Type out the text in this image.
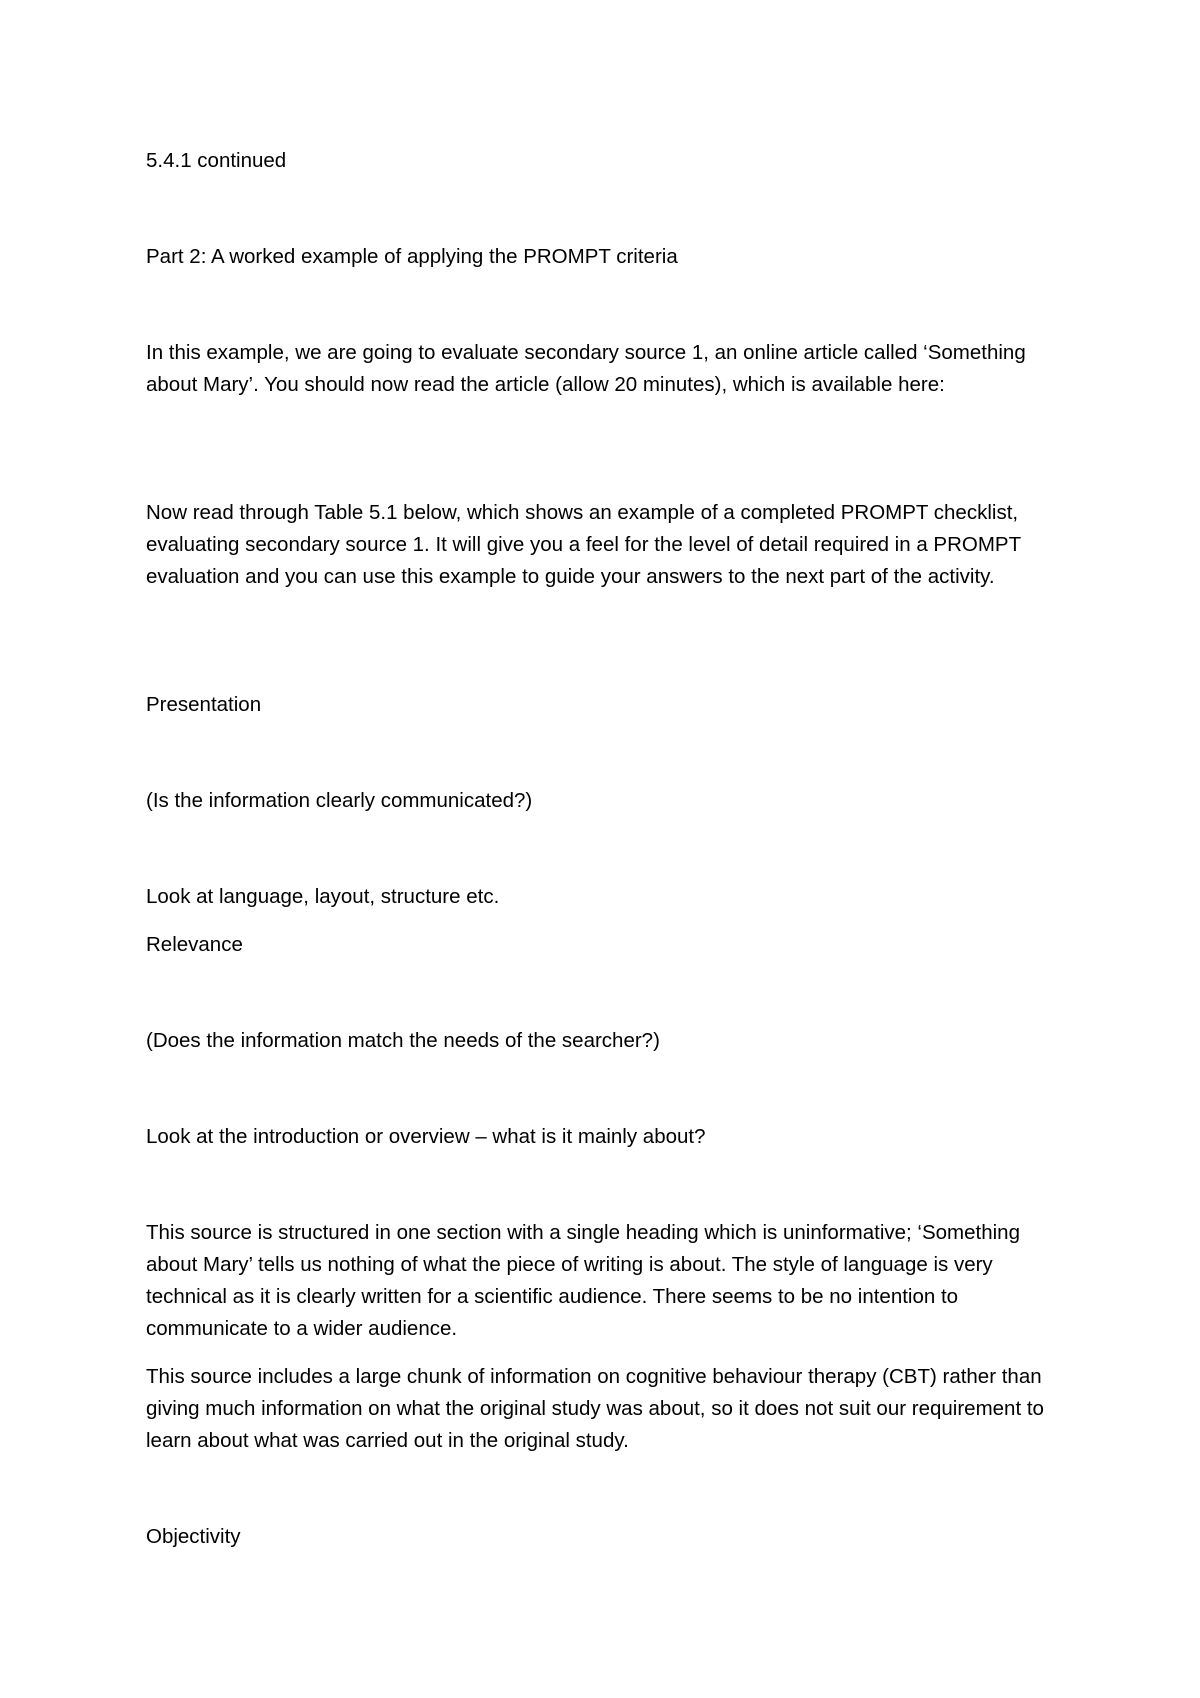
5.4.1 continued

Part 2: A worked example of applying the PROMPT criteria

In this example, we are going to evaluate secondary source 1, an online article called ‘Something about Mary’. You should now read the article (allow 20 minutes), which is available here:

Now read through Table 5.1 below, which shows an example of a completed PROMPT checklist, evaluating secondary source 1. It will give you a feel for the level of detail required in a PROMPT evaluation and you can use this example to guide your answers to the next part of the activity.

Presentation

(Is the information clearly communicated?)

Look at language, layout, structure etc.

Relevance

(Does the information match the needs of the searcher?)

Look at the introduction or overview – what is it mainly about?

This source is structured in one section with a single heading which is uninformative; ‘Something about Mary’ tells us nothing of what the piece of writing is about. The style of language is very technical as it is clearly written for a scientific audience. There seems to be no intention to communicate to a wider audience.

This source includes a large chunk of information on cognitive behaviour therapy (CBT) rather than giving much information on what the original study was about, so it does not suit our requirement to learn about what was carried out in the original study.

Objectivity
